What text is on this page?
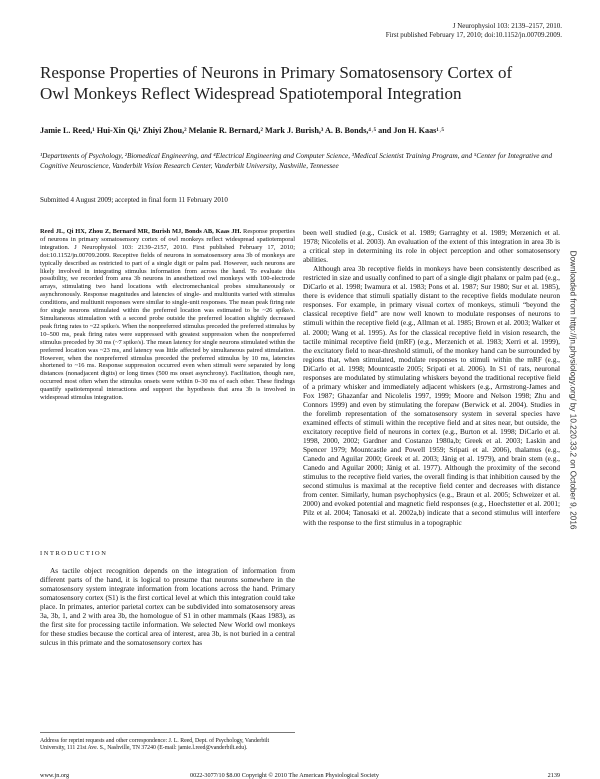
J Neurophysiol 103: 2139–2157, 2010.
First published February 17, 2010; doi:10.1152/jn.00709.2009.
Response Properties of Neurons in Primary Somatosensory Cortex of Owl Monkeys Reflect Widespread Spatiotemporal Integration
Jamie L. Reed,¹ Hui-Xin Qi,¹ Zhiyi Zhou,² Melanie R. Bernard,² Mark J. Burish,³ A. B. Bonds,⁴˒⁵ and Jon H. Kaas¹˒⁵
¹Departments of Psychology, ²Biomedical Engineering, and ⁴Electrical Engineering and Computer Science, ³Medical Scientist Training Program, and ⁵Center for Integrative and Cognitive Neuroscience, Vanderbilt Vision Research Center, Vanderbilt University, Nashville, Tennessee
Submitted 4 August 2009; accepted in final form 11 February 2010
Reed JL, Qi HX, Zhou Z, Bernard MR, Burish MJ, Bonds AB, Kaas JH. Response properties of neurons in primary somatosensory cortex of owl monkeys reflect widespread spatiotemporal integration. J Neurophysiol 103: 2139–2157, 2010. First published February 17, 2010; doi:10.1152/jn.00709.2009. Receptive fields of neurons in somatosensory area 3b of monkeys are typically described as restricted to part of a single digit or palm pad. However, such neurons are likely involved in integrating stimulus information from across the hand. To evaluate this possibility, we recorded from area 3b neurons in anesthetized owl monkeys with 100-electrode arrays, stimulating two hand locations with electromechanical probes simultaneously or asynchronously. Response magnitudes and latencies of single- and multiunits varied with stimulus conditions, and multiunit responses were similar to single-unit responses. The mean peak firing rate for single neurons stimulated within the preferred location was estimated to be ~26 spike/s. Simultaneous stimulation with a second probe outside the preferred location slightly decreased peak firing rates to ~22 spike/s. When the nonpreferred stimulus preceded the preferred stimulus by 10–500 ms, peak firing rates were suppressed with greatest suppression when the nonpreferred stimulus preceded by 30 ms (~7 spike/s). The mean latency for single neurons stimulated within the preferred location was ~23 ms, and latency was little affected by simultaneous paired stimulation. However, when the nonpreferred stimulus preceded the preferred stimulus by 10 ms, latencies shortened to ~16 ms. Response suppression occurred even when stimuli were separated by long distances (nonadjacent digits) or long times (500 ms onset asynchrony). Facilitation, though rare, occurred most often when the stimulus onsets were within 0–30 ms of each other. These findings quantify spatiotemporal interactions and support the hypothesis that area 3b is involved in widespread stimulus integration.
INTRODUCTION

As tactile object recognition depends on the integration of information from different parts of the hand, it is logical to presume that neurons somewhere in the somatosensory system integrate information from locations across the hand. Primary somatosensory cortex (S1) is the first cortical level at which this integration could take place. In primates, anterior parietal cortex can be subdivided into somatosensory areas 3a, 3b, 1, and 2 with area 3b, the homologue of S1 in other mammals (Kaas 1983), as the first site for processing tactile information. We selected New World owl monkeys for these studies because the cortical area of interest, area 3b, is not buried in a central sulcus in this primate and the somatosensory cortex has

been well studied (e.g., Cusick et al. 1989; Garraghty et al. 1989; Merzenich et al. 1978; Nicolelis et al. 2003). An evaluation of the extent of this integration in area 3b is a critical step in determining its role in object perception and other somatosensory abilities.

Although area 3b receptive fields in monkeys have been consistently described as restricted in size and usually confined to part of a single digit phalanx or palm pad (e.g., DiCarlo et al. 1998; Iwamura et al. 1983; Pons et al. 1987; Sur 1980; Sur et al. 1985), there is evidence that stimuli spatially distant to the receptive fields modulate neuron responses. For example, in primary visual cortex of monkeys, stimuli “beyond the classical receptive field” are now well known to modulate responses of neurons to stimuli within the receptive field (e.g., Allman et al. 1985; Brown et al. 2003; Walker et al. 2000; Wang et al. 1995). As for the classical receptive field in vision research, the tactile minimal receptive field (mRF) (e.g., Merzenich et al. 1983; Xerri et al. 1999), the excitatory field to near-threshold stimuli, of the monkey hand can be surrounded by regions that, when stimulated, modulate responses to stimuli within the mRF (e.g., DiCarlo et al. 1998; Mountcastle 2005; Sripati et al. 2006). In S1 of rats, neuronal responses are modulated by stimulating whiskers beyond the traditional receptive field of a primary whisker and immediately adjacent whiskers (e.g., Armstrong-James and Fox 1987; Ghazanfar and Nicolelis 1997, 1999; Moore and Nelson 1998; Zhu and Connors 1999) and even by stimulating the forepaw (Berwick et al. 2004). Studies in the forelimb representation of the somatosensory system in several species have examined effects of stimuli within the receptive field and at sites near, but outside, the excitatory receptive field of neurons in cortex (e.g., Burton et al. 1998; DiCarlo et al. 1998, 2000, 2002; Gardner and Costanzo 1980a,b; Greek et al. 2003; Laskin and Spencer 1979; Mountcastle and Powell 1959; Sripati et al. 2006), thalamus (e.g., Canedo and Aguilar 2000; Greek et al. 2003; Jänig et al. 1979), and brain stem (e.g., Canedo and Aguilar 2000; Jänig et al. 1977). Although the proximity of the second stimulus to the receptive field varies, the overall finding is that inhibition caused by the second stimulus is maximal at the receptive field center and decreases with distance from center. Similarly, human psychophysics (e.g., Braun et al. 2005; Schweizer et al. 2000) and evoked potential and magnetic field responses (e.g., Hoechstetter et al. 2001; Pilz et al. 2004; Tanosaki et al. 2002a,b) indicate that a second stimulus will interfere with the response to the first stimulus in a topographic

Address for reprint requests and other correspondence: J. L. Reed, Dept. of Psychology, Vanderbilt University, 111 21st Ave. S., Nashville, TN 37240 (E-mail: jamie.l.reed@vanderbilt.edu).
www.jn.org	0022-3077/10 $8.00 Copyright © 2010 The American Physiological Society	2139
Downloaded from http://jn.physiology.org/ by 10.220.33.2 on October 9, 2016
